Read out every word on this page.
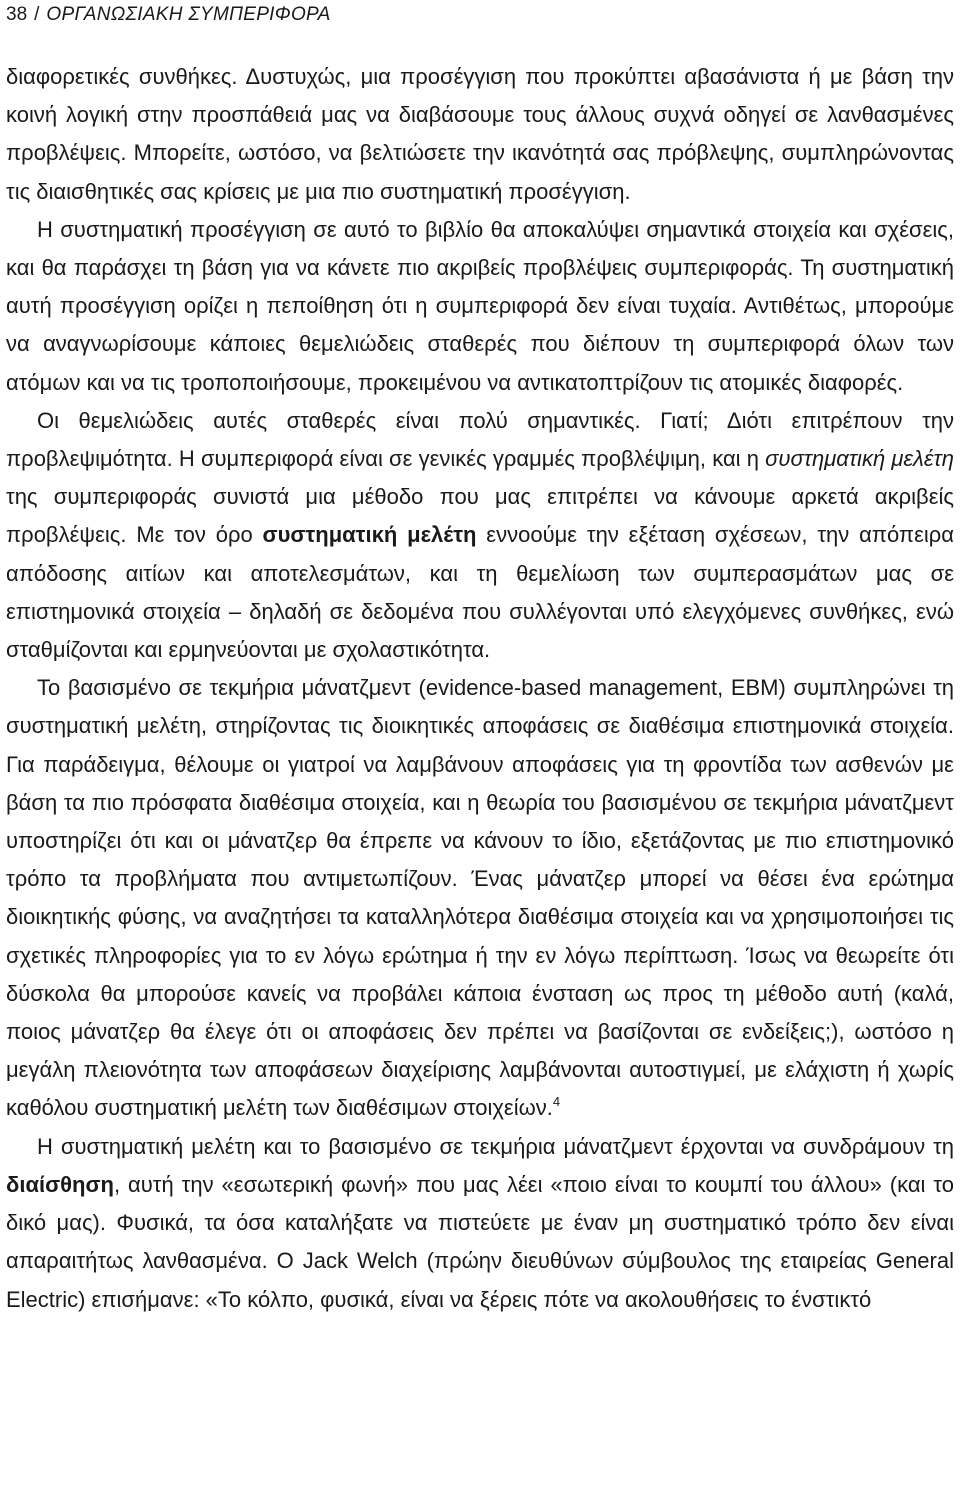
38 / ΟΡΓΑΝΩΣΙΑΚΗ ΣΥΜΠΕΡΙΦΟΡΑ

διαφορετικές συνθήκες. Δυστυχώς, μια προσέγγιση που προκύπτει αβασάνιστα ή με βάση την κοινή λογική στην προσπάθειά μας να διαβάσουμε τους άλλους συχνά οδηγεί σε λανθασμένες προβλέψεις. Μπορείτε, ωστόσο, να βελτιώσετε την ικανότητά σας πρόβλεψης, συμπληρώνοντας τις διαισθητικές σας κρίσεις με μια πιο συστηματική προσέγγιση.

Η συστηματική προσέγγιση σε αυτό το βιβλίο θα αποκαλύψει σημαντικά στοιχεία και σχέσεις, και θα παράσχει τη βάση για να κάνετε πιο ακριβείς προβλέψεις συμπεριφοράς. Τη συστηματική αυτή προσέγγιση ορίζει η πεποίθηση ότι η συμπεριφορά δεν είναι τυχαία. Αντιθέτως, μπορούμε να αναγνωρίσουμε κάποιες θεμελιώδεις σταθερές που διέπουν τη συμπεριφορά όλων των ατόμων και να τις τροποποιήσουμε, προκειμένου να αντικατοπτρίζουν τις ατομικές διαφορές.

Οι θεμελιώδεις αυτές σταθερές είναι πολύ σημαντικές. Γιατί; Διότι επιτρέπουν την προβλεψιμότητα. Η συμπεριφορά είναι σε γενικές γραμμές προβλέψιμη, και η συστηματική μελέτη της συμπεριφοράς συνιστά μια μέθοδο που μας επιτρέπει να κάνουμε αρκετά ακριβείς προβλέψεις. Με τον όρο συστηματική μελέτη εννοούμε την εξέταση σχέσεων, την απόπειρα απόδοσης αιτίων και αποτελεσμάτων, και τη θεμελίωση των συμπερασμάτων μας σε επιστημονικά στοιχεία – δηλαδή σε δεδομένα που συλλέγονται υπό ελεγχόμενες συνθήκες, ενώ σταθμίζονται και ερμηνεύονται με σχολαστικότητα.

Το βασισμένο σε τεκμήρια μάνατζμεντ (evidence-based management, EBM) συμπληρώνει τη συστηματική μελέτη, στηρίζοντας τις διοικητικές αποφάσεις σε διαθέσιμα επιστημονικά στοιχεία. Για παράδειγμα, θέλουμε οι γιατροί να λαμβάνουν αποφάσεις για τη φροντίδα των ασθενών με βάση τα πιο πρόσφατα διαθέσιμα στοιχεία, και η θεωρία του βασισμένου σε τεκμήρια μάνατζμεντ υποστηρίζει ότι και οι μάνατζερ θα έπρεπε να κάνουν το ίδιο, εξετάζοντας με πιο επιστημονικό τρόπο τα προβλήματα που αντιμετωπίζουν. Ένας μάνατζερ μπορεί να θέσει ένα ερώτημα διοικητικής φύσης, να αναζητήσει τα καταλληλότερα διαθέσιμα στοιχεία και να χρησιμοποιήσει τις σχετικές πληροφορίες για το εν λόγω ερώτημα ή την εν λόγω περίπτωση. Ίσως να θεωρείτε ότι δύσκολα θα μπορούσε κανείς να προβάλει κάποια ένσταση ως προς τη μέθοδο αυτή (καλά, ποιος μάνατζερ θα έλεγε ότι οι αποφάσεις δεν πρέπει να βασίζονται σε ενδείξεις;), ωστόσο η μεγάλη πλειονότητα των αποφάσεων διαχείρισης λαμβάνονται αυτοστιγμεί, με ελάχιστη ή χωρίς καθόλου συστηματική μελέτη των διαθέσιμων στοιχείων.$^4$

Η συστηματική μελέτη και το βασισμένο σε τεκμήρια μάνατζμεντ έρχονται να συνδράμουν τη διαίσθηση, αυτή την «εσωτερική φωνή» που μας λέει «ποιο είναι το κουμπί του άλλου» (και το δικό μας). Φυσικά, τα όσα καταλήξατε να πιστεύετε με έναν μη συστηματικό τρόπο δεν είναι απαραιτήτως λανθασμένα. Ο Jack Welch (πρώην διευθύνων σύμβουλος της εταιρείας General Electric) επισήμανε: «Το κόλπο, φυσικά, είναι να ξέρεις πότε να ακολουθήσεις το ένστικτό
